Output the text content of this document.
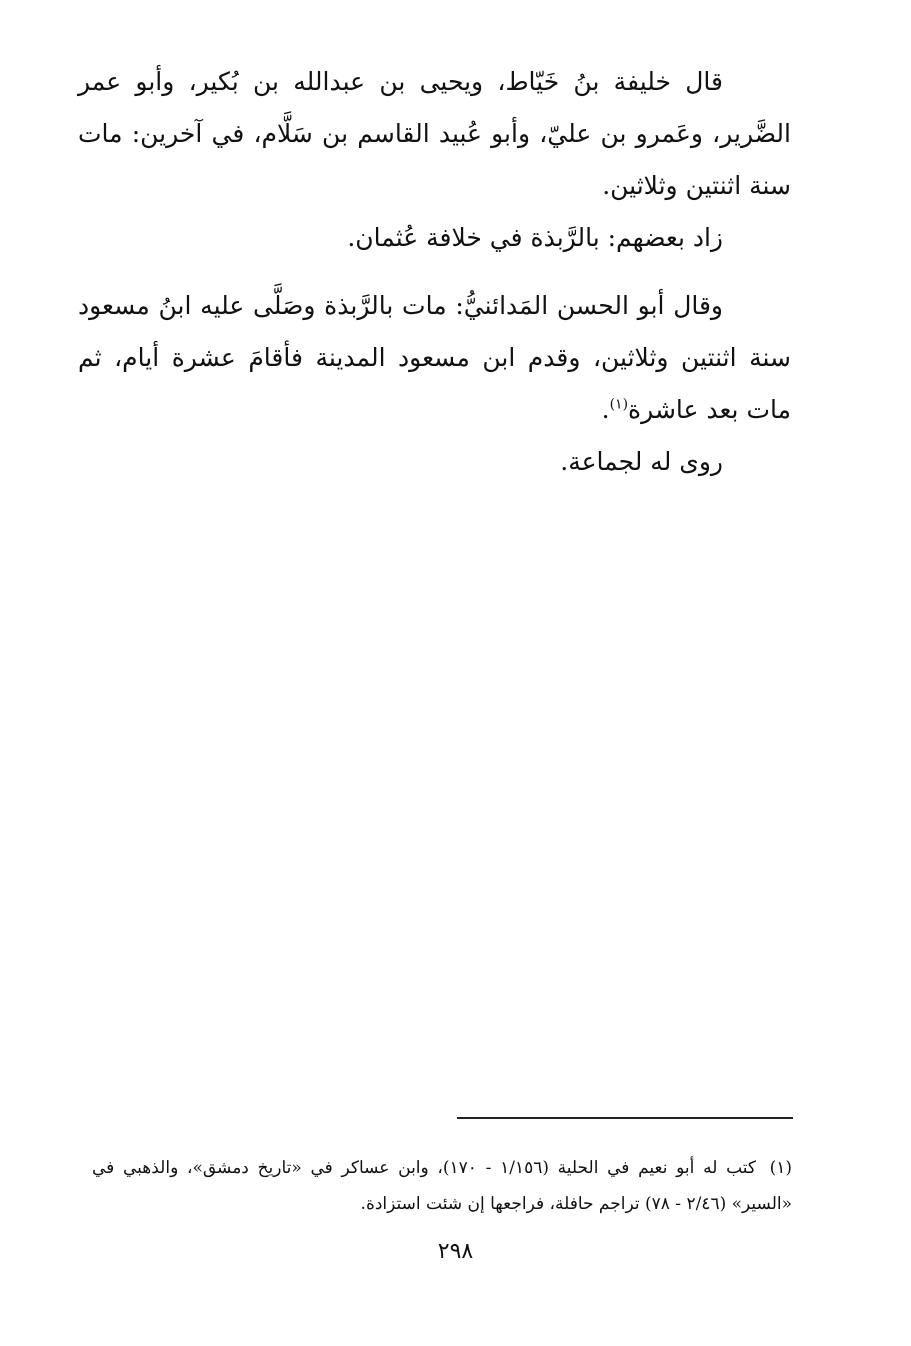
قال خليفة بنُ خَيّاط، ويحيى بن عبدالله بن بُكير، وأبو عمر الضَّرير، وعَمرو بن عليّ، وأبو عُبيد القاسم بن سَلَّام، في آخرين: مات سنة اثنتين وثلاثين.

زاد بعضهم: بالرَّبذة في خلافة عُثمان.

وقال أبو الحسن المَدائنيُّ: مات بالرَّبذة وصَلَّى عليه ابنُ مسعود سنة اثنتين وثلاثين، وقدم ابن مسعود المدينة فأقامَ عشرة أيام، ثم مات بعد عاشرة$^{(١)}$.

روى له لجماعة.

(١)كتب له أبو نعيم في الحلية (١/١٥٦ - ١٧٠)، وابن عساكر في «تاريخ دمشق»، والذهبي في «السير» (٢/٤٦ - ٧٨) تراجم حافلة، فراجعها إن شئت استزادة.

٢٩٨
